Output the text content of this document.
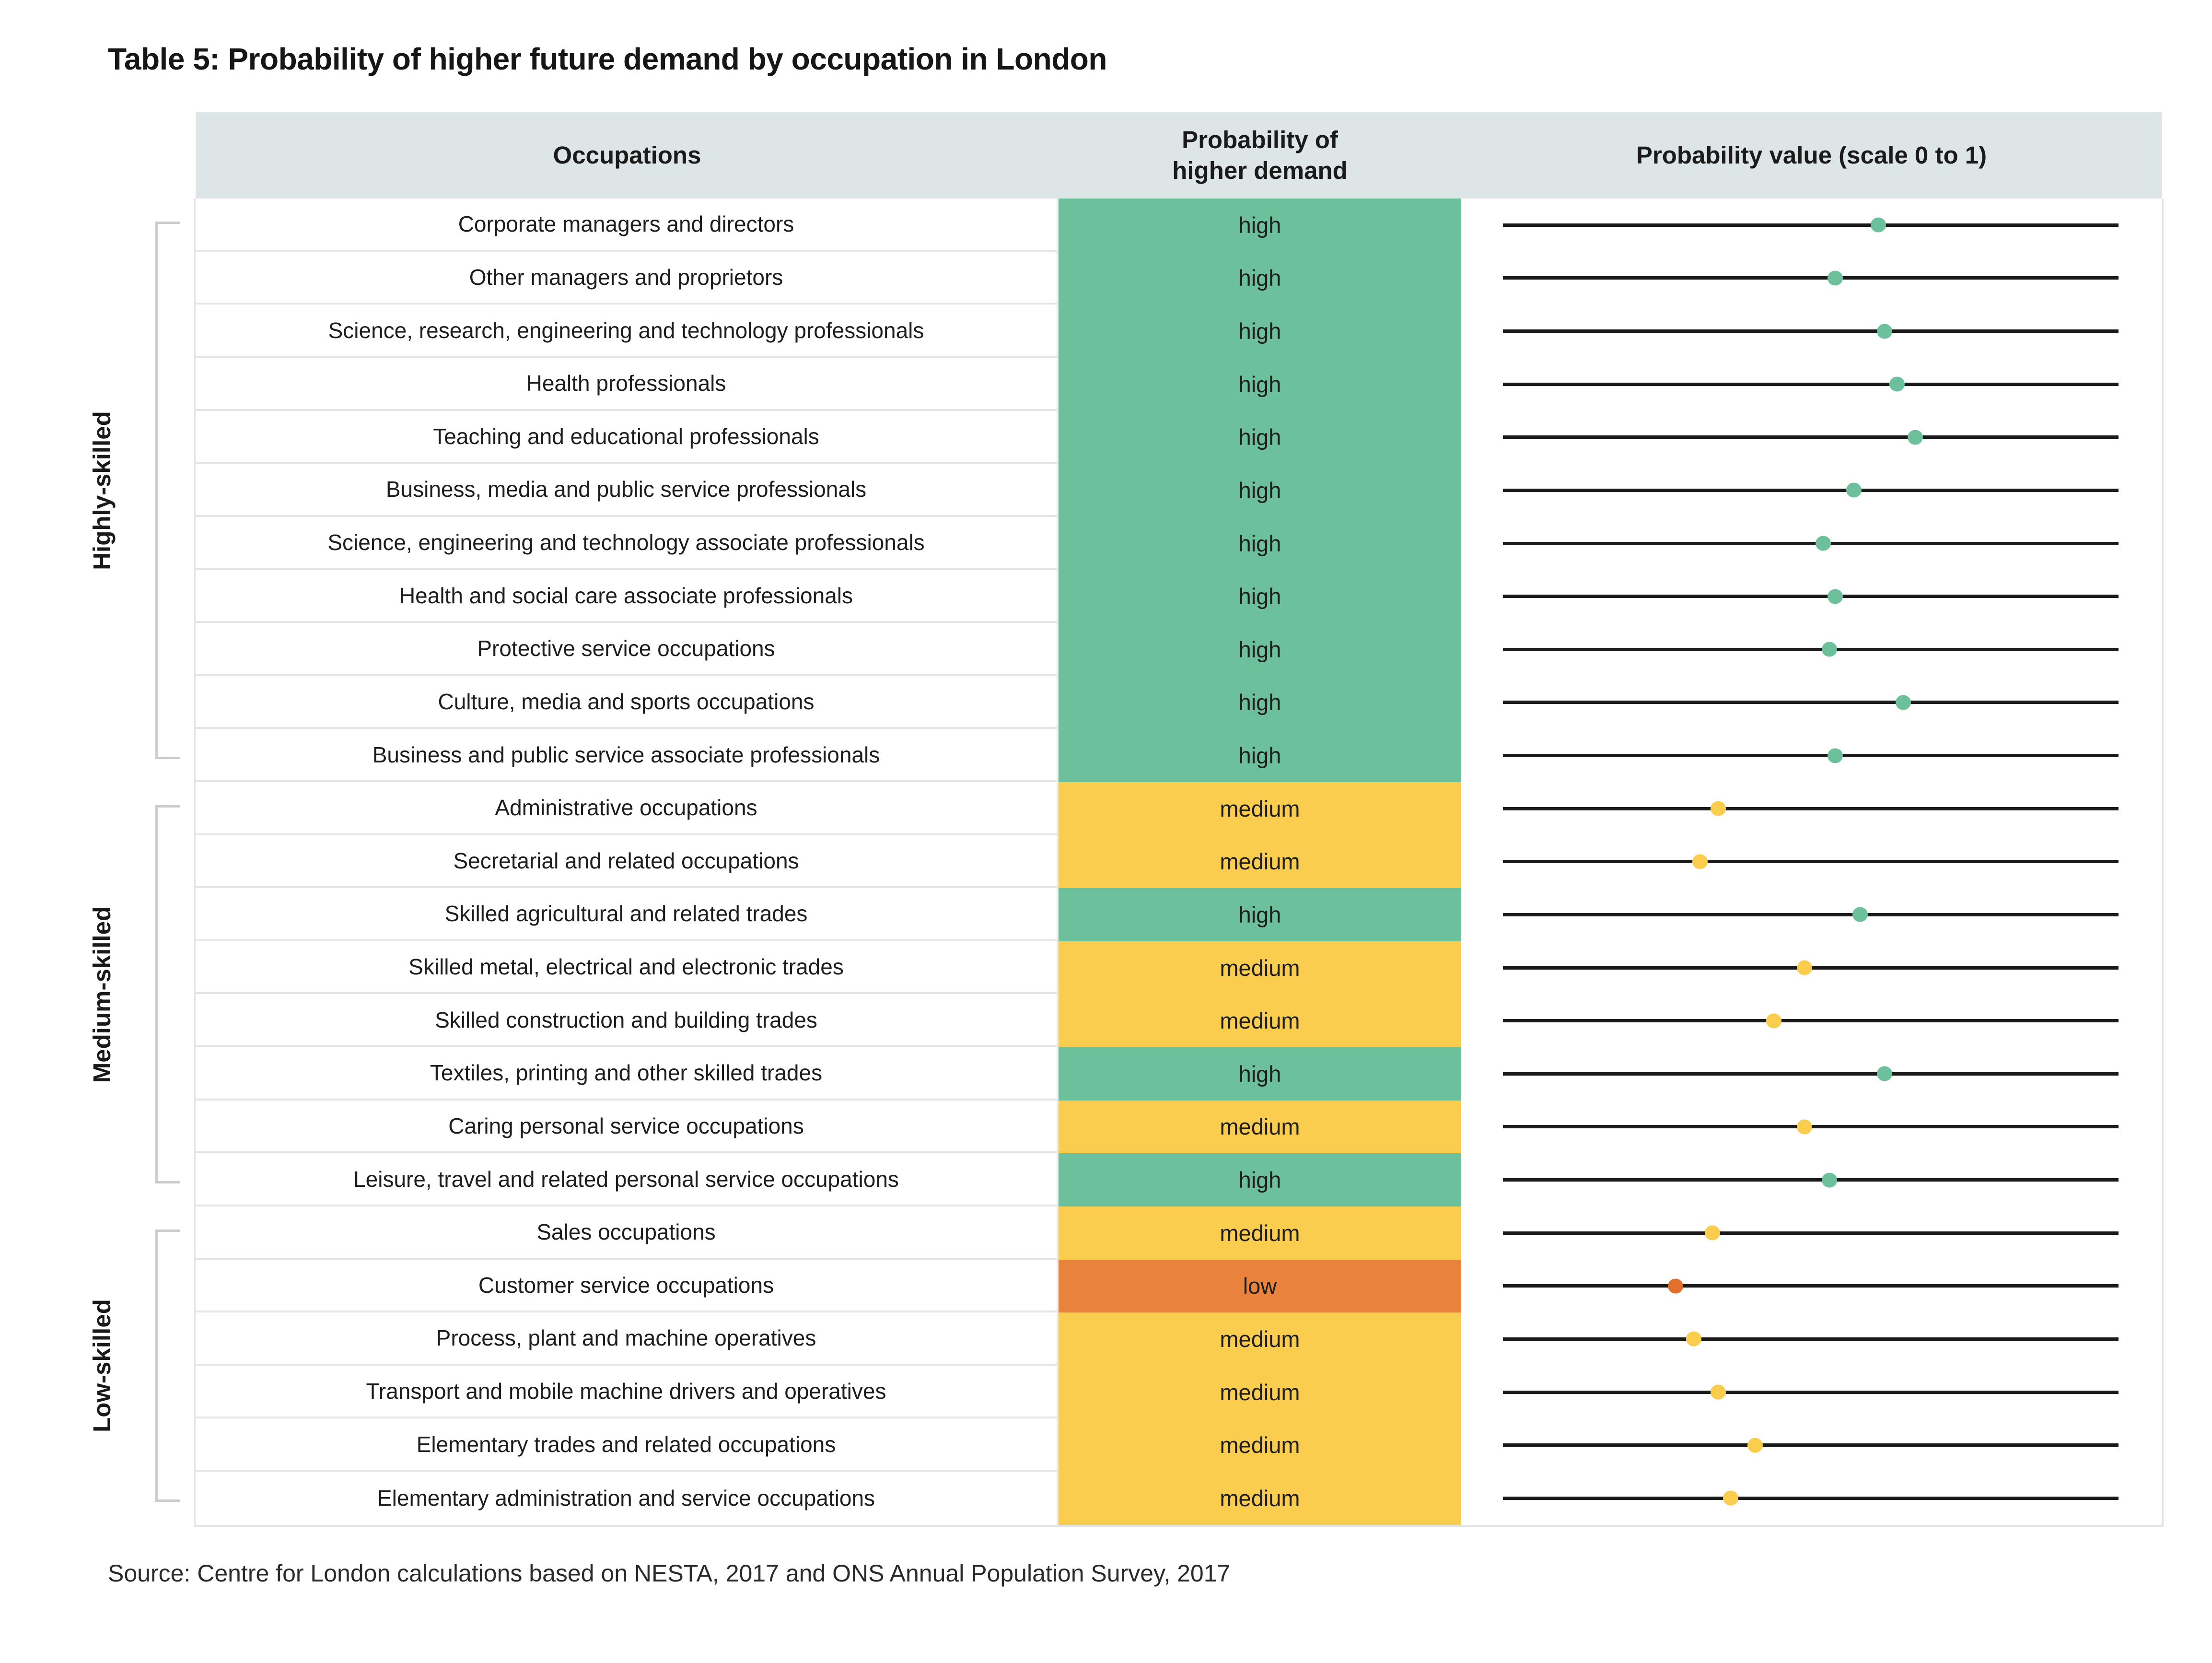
Table 5: Probability of higher future demand by occupation in London
Occupations
Probability of
higher demand
Probability value (scale 0 to 1)
Corporate managers and directors	high
Other managers and proprietors	high
Science, research, engineering and technology professionals	high
Health professionals	high
Teaching and educational professionals	high
Business, media and public service professionals	high
Science, engineering and technology associate professionals	high
Health and social care associate professionals	high
Protective service occupations	high
Culture, media and sports occupations	high
Business and public service associate professionals	high
Administrative occupations	medium
Secretarial and related occupations	medium
Skilled agricultural and related trades	high
Skilled metal, electrical and electronic trades	medium
Skilled construction and building trades	medium
Textiles, printing and other skilled trades	high
Caring personal service occupations	medium
Leisure, travel and related personal service occupations	high
Sales occupations	medium
Customer service occupations	low
Process, plant and machine operatives	medium
Transport and mobile machine drivers and operatives	medium
Elementary trades and related occupations	medium
Elementary administration and service occupations	medium
Highly-skilled
Medium-skilled
Low-skilled
Source: Centre for London calculations based on NESTA, 2017 and ONS Annual Population Survey, 2017
